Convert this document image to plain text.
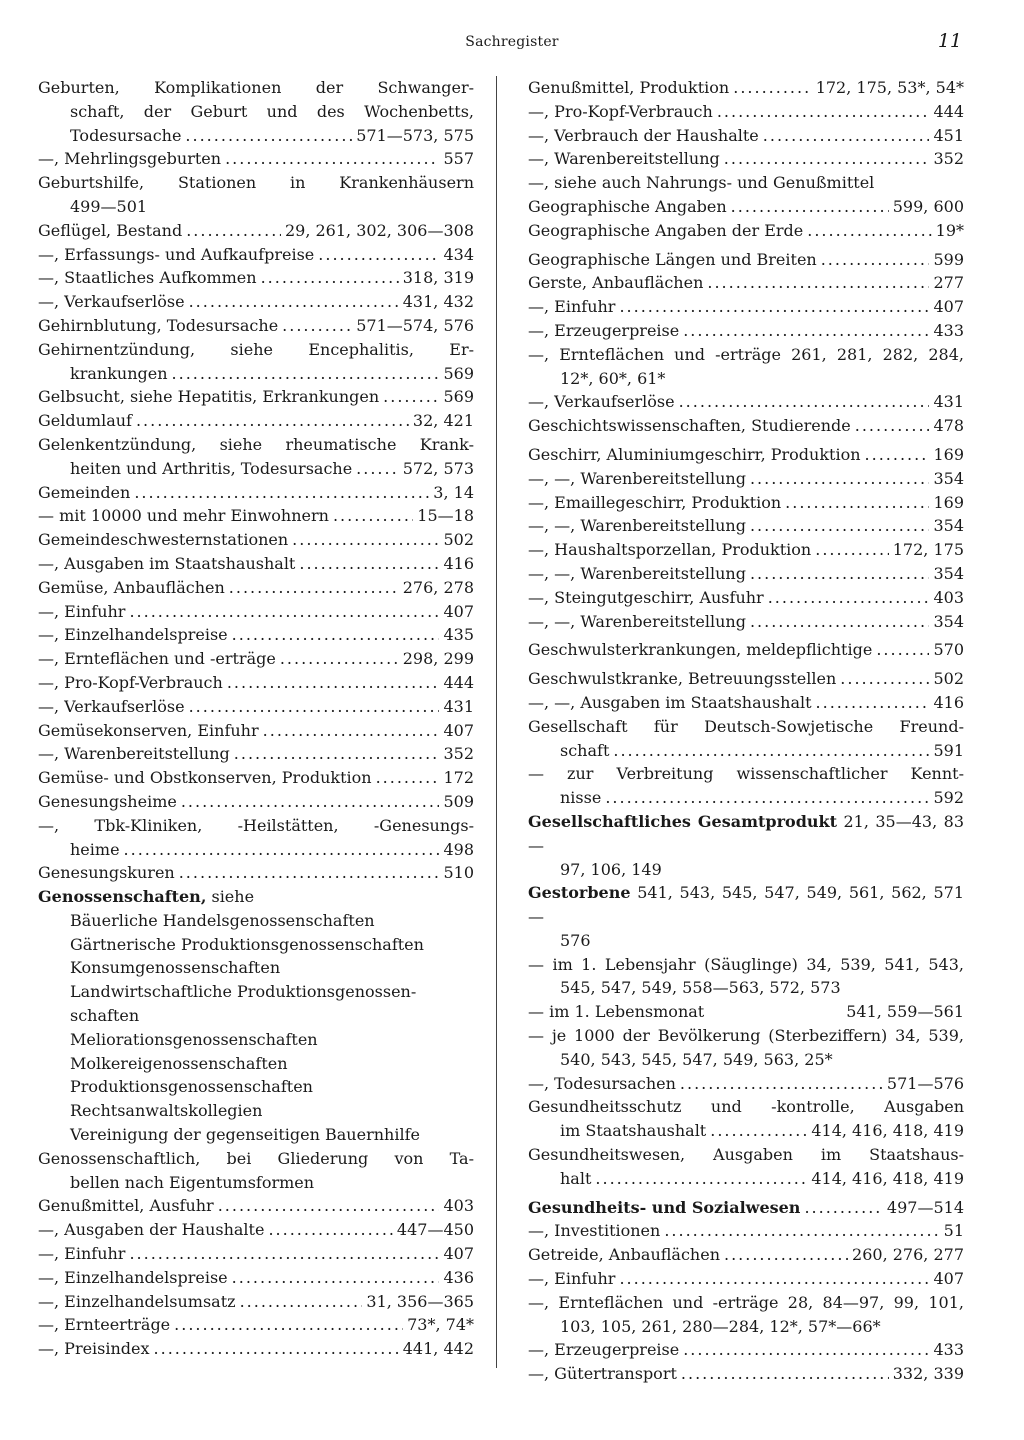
Sachregister	11
Geburten, Komplikationen der Schwanger-
schaft, der Geburt und des Wochenbetts,
Todesursache .....	571—573, 575
—, Mehrlingsgeburten .....	557
Geburtshilfe, Stationen in Krankenhäusern
499—501
Geflügel, Bestand .....	29, 261, 302, 306—308
—, Erfassungs- und Aufkaufpreise .....	434
—, Staatliches Aufkommen .....	318, 319
—, Verkaufserlöse .....	431, 432
Gehirnblutung, Todesursache .....	571—574, 576
Gehirnentzündung, siehe Encephalitis, Er-
krankungen .....	569
Gelbsucht, siehe Hepatitis, Erkrankungen .....	569
Geldumlauf .....	32, 421
Gelenkentzündung, siehe rheumatische Krank-
heiten und Arthritis, Todesursache .....	572, 573
Gemeinden .....	3, 14
— mit 10000 und mehr Einwohnern .....	15—18
Gemeindeschwesternstationen .....	502
—, Ausgaben im Staatshaushalt .....	416
Gemüse, Anbauflächen .....	276, 278
—, Einfuhr .....	407
—, Einzelhandelspreise .....	435
—, Ernteflächen und -erträge .....	298, 299
—, Pro-Kopf-Verbrauch .....	444
—, Verkaufserlöse .....	431
Gemüsekonserven, Einfuhr .....	407
—, Warenbereitstellung .....	352
Gemüse- und Obstkonserven, Produktion .....	172
Genesungsheime .....	509
—, Tbk-Kliniken, -Heilstätten, -Genesungs-
heime .....	498
Genesungskuren .....	510
Genossenschaften, siehe
Bäuerliche Handelsgenossenschaften
Gärtnerische Produktionsgenossenschaften
Konsumgenossenschaften
Landwirtschaftliche Produktionsgenossen-
schaften
Meliorationsgenossenschaften
Molkereigenossenschaften
Produktionsgenossenschaften
Rechtsanwaltskollegien
Vereinigung der gegenseitigen Bauernhilfe
Genossenschaftlich, bei Gliederung von Ta-
bellen nach Eigentumsformen
Genußmittel, Ausfuhr .....	403
—, Ausgaben der Haushalte .....	447—450
—, Einfuhr .....	407
—, Einzelhandelspreise .....	436
—, Einzelhandelsumsatz .....	31, 356—365
—, Ernteerträge .....	73*, 74*
—, Preisindex .....	441, 442
Genußmittel, Produktion .....	172, 175, 53*, 54*
—, Pro-Kopf-Verbrauch .....	444
—, Verbrauch der Haushalte .....	451
—, Warenbereitstellung .....	352
—, siehe auch Nahrungs- und Genußmittel
Geographische Angaben .....	599, 600
Geographische Angaben der Erde .....	19*
Geographische Längen und Breiten .....	599
Gerste, Anbauflächen .....	277
—, Einfuhr .....	407
—, Erzeugerpreise .....	433
—, Ernteflächen und -erträge 261, 281, 282, 284,
12*, 60*, 61*
—, Verkaufserlöse .....	431
Geschichtswissenschaften, Studierende .....	478
Geschirr, Aluminiumgeschirr, Produktion .....	169
—, —, Warenbereitstellung .....	354
—, Emaillegeschirr, Produktion .....	169
—, —, Warenbereitstellung .....	354
—, Haushaltsporzellan, Produktion .....	172, 175
—, —, Warenbereitstellung .....	354
—, Steingutgeschirr, Ausfuhr .....	403
—, —, Warenbereitstellung .....	354
Geschwulsterkrankungen, meldepflichtige .....	570
Geschwulstkranke, Betreuungsstellen .....	502
—, —, Ausgaben im Staatshaushalt .....	416
Gesellschaft für Deutsch-Sowjetische Freund-
schaft .....	591
— zur Verbreitung wissenschaftlicher Kennt-
nisse .....	592
Gesellschaftliches Gesamtprodukt 21, 35—43, 83—
97, 106, 149
Gestorbene 541, 543, 545, 547, 549, 561, 562, 571—
576
— im 1. Lebensjahr (Säuglinge) 34, 539, 541, 543,
545, 547, 549, 558—563, 572, 573
— im 1. Lebensmonat	541, 559—561
— je 1000 der Bevölkerung (Sterbeziffern) 34, 539,
540, 543, 545, 547, 549, 563, 25*
—, Todesursachen .....	571—576
Gesundheitsschutz und -kontrolle, Ausgaben
im Staatshaushalt .....	414, 416, 418, 419
Gesundheitswesen, Ausgaben im Staatshaus-
halt .....	414, 416, 418, 419
Gesundheits- und Sozialwesen .....	497—514
—, Investitionen .....	51
Getreide, Anbauflächen .....	260, 276, 277
—, Einfuhr .....	407
—, Ernteflächen und -erträge 28, 84—97, 99, 101,
103, 105, 261, 280—284, 12*, 57*—66*
—, Erzeugerpreise .....	433
—, Gütertransport .....	332, 339
